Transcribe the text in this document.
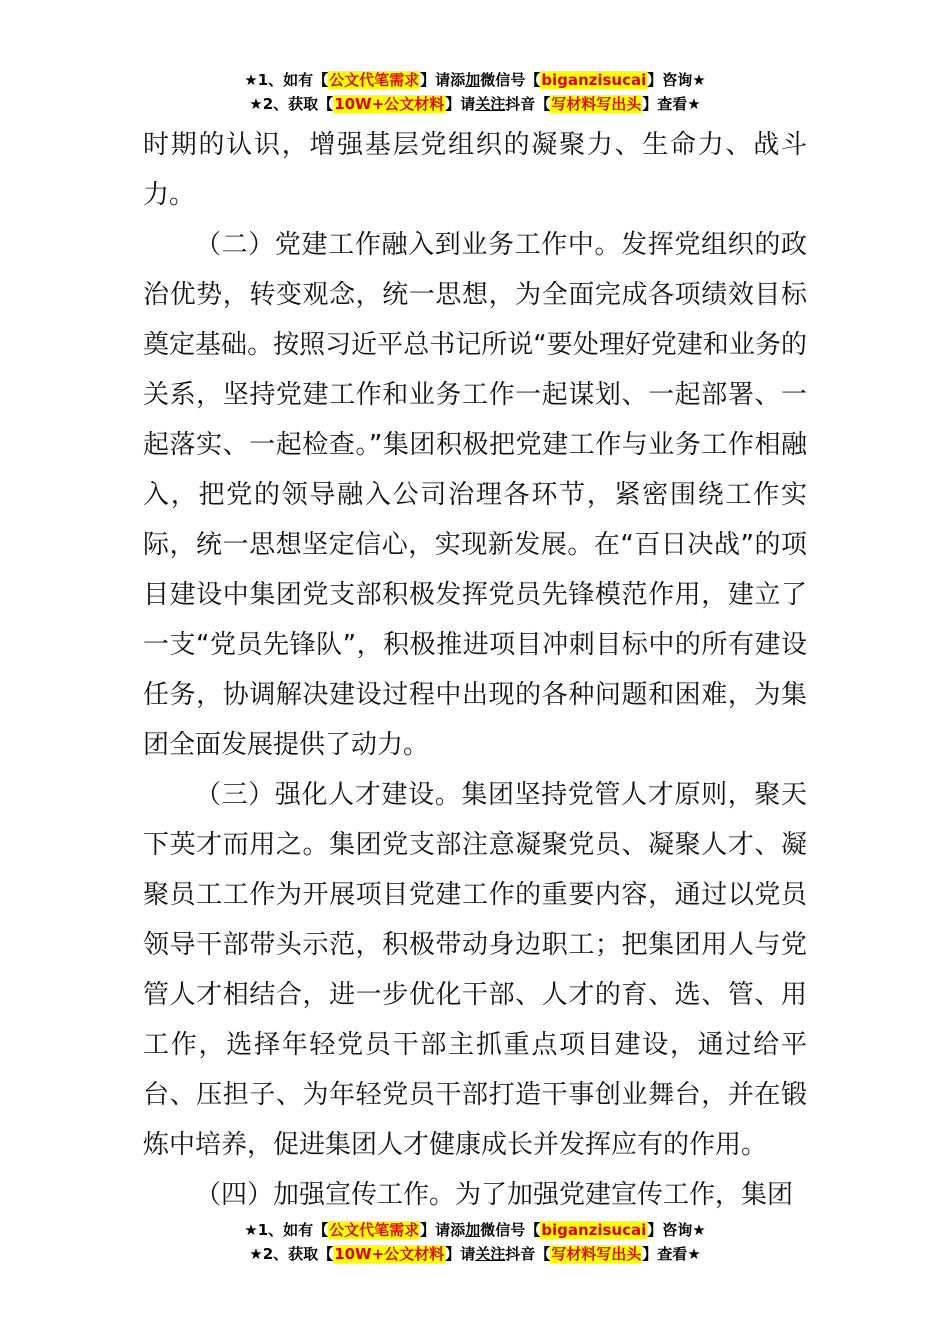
★1、如有【公文代笔需求】请添加微信号【biganzisucai】咨询★
★2、获取【10W+公文材料】请关注抖音【写材料写出头】查看★

时期的认识，增强基层党组织的凝聚力、生命力、战斗力。

（二）党建工作融入到业务工作中。发挥党组织的政治优势，转变观念，统一思想，为全面完成各项绩效目标奠定基础。按照习近平总书记所说“要处理好党建和业务的关系，坚持党建工作和业务工作一起谋划、一起部署、一起落实、一起检查。”集团积极把党建工作与业务工作相融入，把党的领导融入公司治理各环节，紧密围绕工作实际，统一思想坚定信心，实现新发展。在“百日决战”的项目建设中集团党支部积极发挥党员先锋模范作用，建立了一支“党员先锋队”，积极推进项目冲刺目标中的所有建设任务，协调解决建设过程中出现的各种问题和困难，为集团全面发展提供了动力。

（三）强化人才建设。集团坚持党管人才原则，聚天下英才而用之。集团党支部注意凝聚党员、凝聚人才、凝聚员工工作为开展项目党建工作的重要内容，通过以党员领导干部带头示范，积极带动身边职工；把集团用人与党管人才相结合，进一步优化干部、人才的育、选、管、用工作，选择年轻党员干部主抓重点项目建设，通过给平台、压担子、为年轻党员干部打造干事创业舞台，并在锻炼中培养，促进集团人才健康成长并发挥应有的作用。

（四）加强宣传工作。为了加强党建宣传工作，集团

★1、如有【公文代笔需求】请添加微信号【biganzisucai】咨询★
★2、获取【10W+公文材料】请关注抖音【写材料写出头】查看★
